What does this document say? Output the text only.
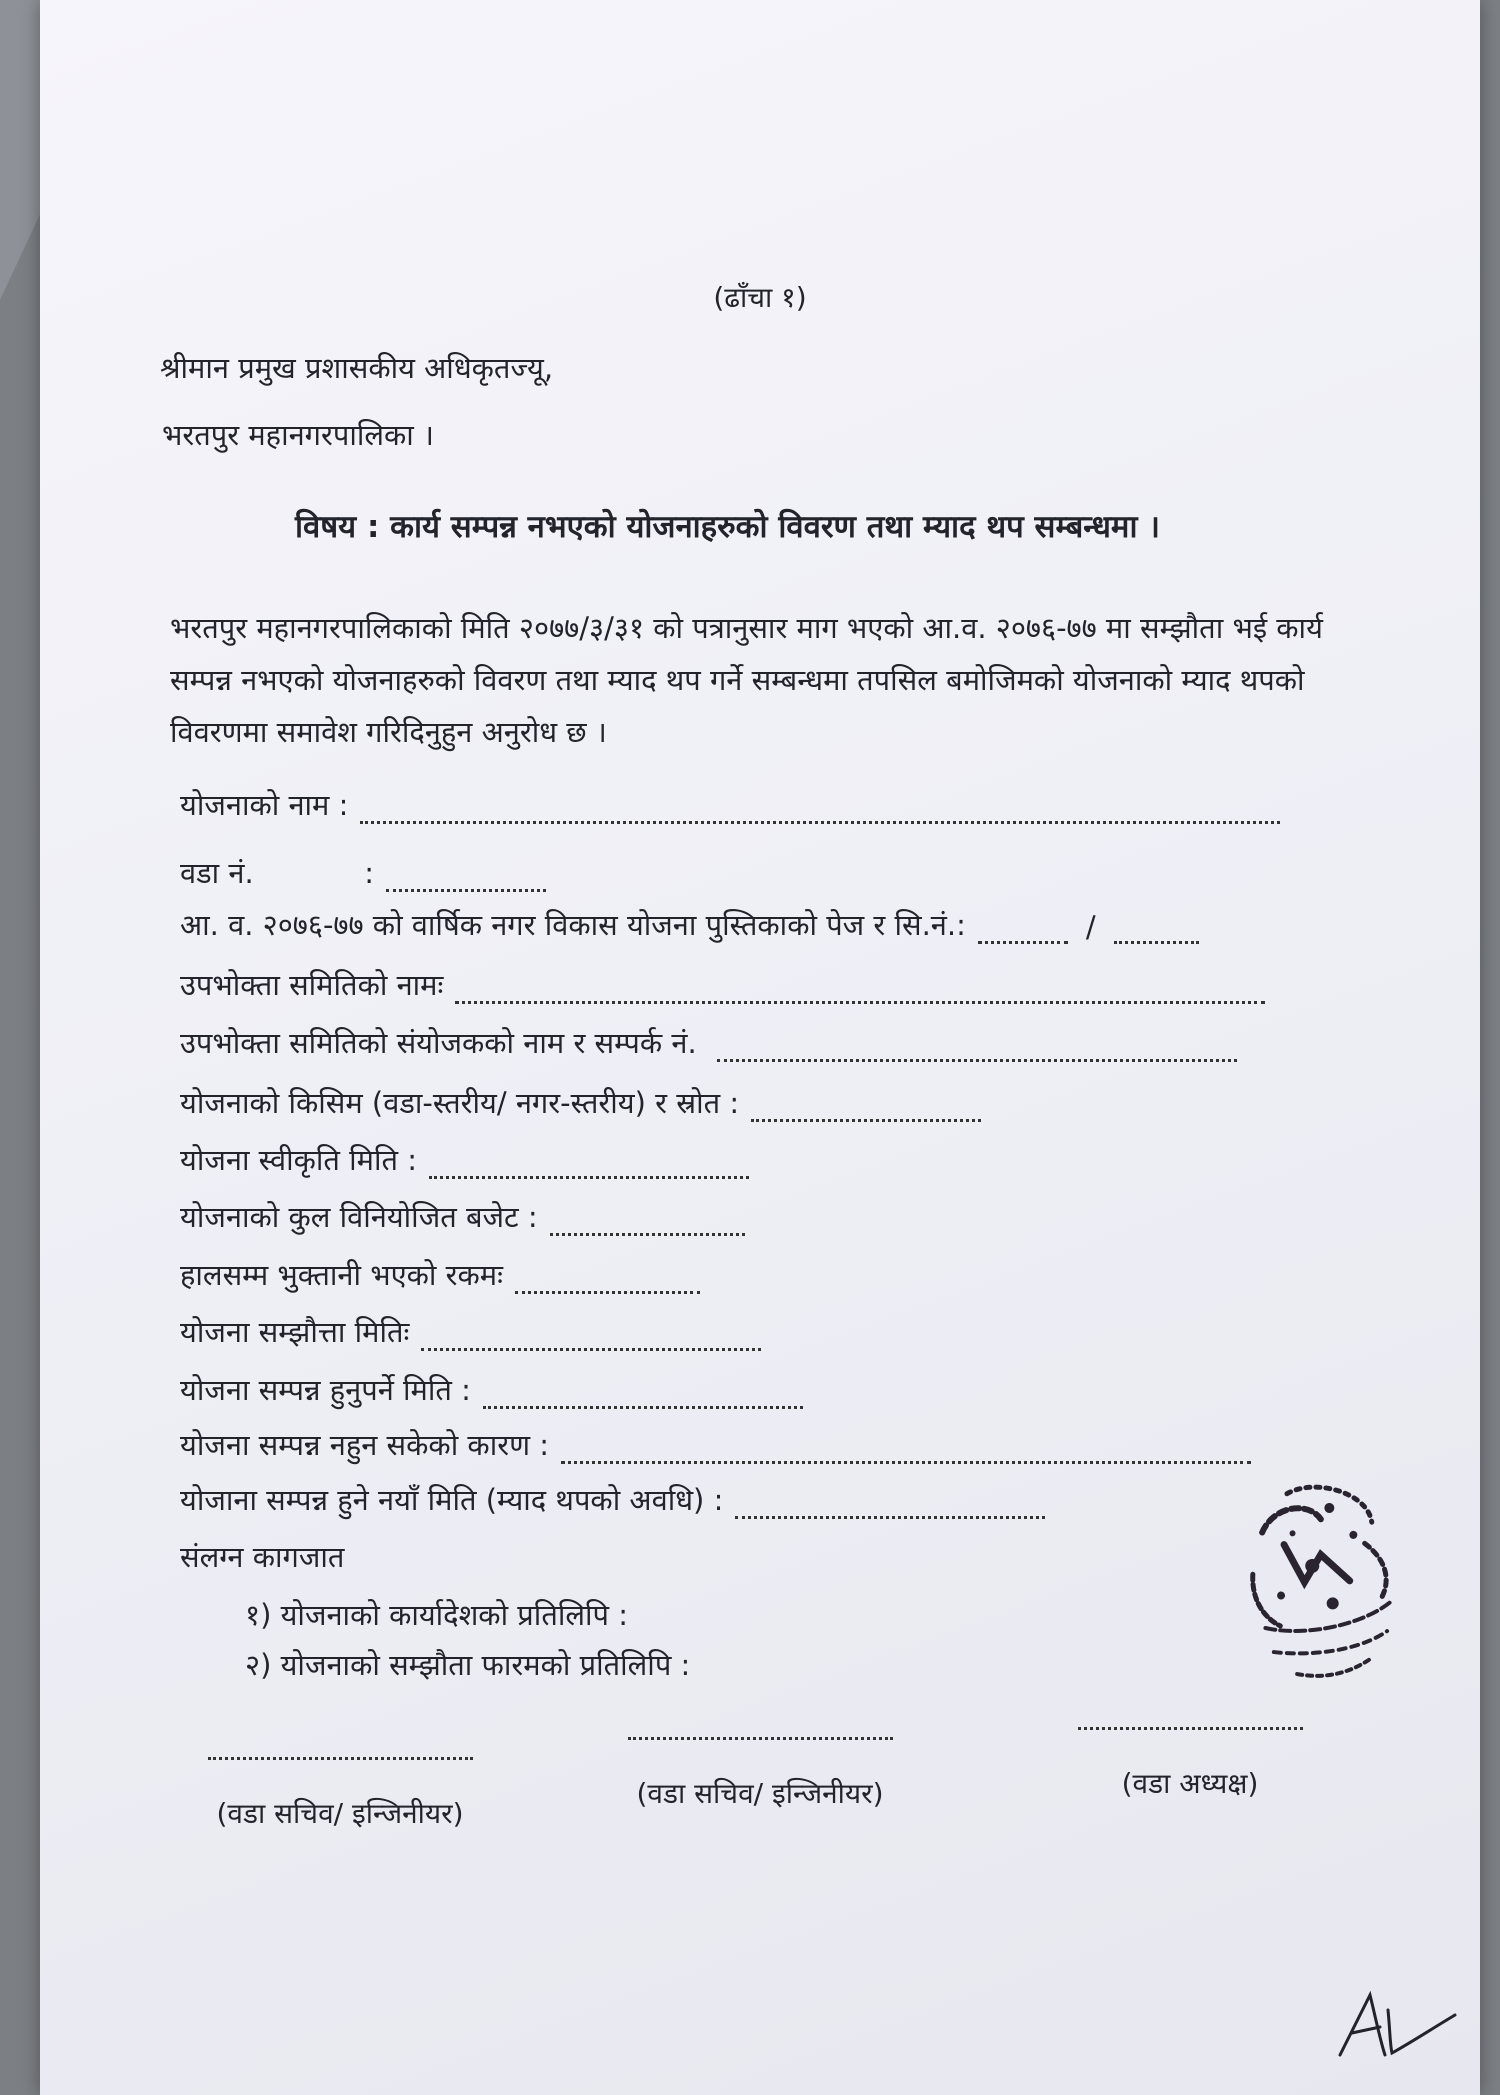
(ढाँचा १)
श्रीमान प्रमुख प्रशासकीय अधिकृतज्यू,
भरतपुर महानगरपालिका ।
विषय : कार्य सम्पन्न नभएको योजनाहरुको विवरण तथा म्याद थप सम्बन्धमा ।
भरतपुर महानगरपालिकाको मिति २०७७/३/३१ को पत्रानुसार माग भएको आ.व. २०७६-७७ मा सम्झौता भई कार्य सम्पन्न नभएको योजनाहरुको विवरण तथा म्याद थप गर्ने सम्बन्धमा तपसिल बमोजिमको योजनाको म्याद थपको विवरणमा समावेश गरिदिनुहुन अनुरोध छ ।
योजनाको नाम :
वडा नं.            :
आ. व. २०७६-७७ को वार्षिक नगर विकास योजना पुस्तिकाको पेज र सि.नं.:	/
उपभोक्ता समितिको नामः
उपभोक्ता समितिको संयोजकको नाम र सम्पर्क नं.
योजनाको किसिम (वडा-स्तरीय/ नगर-स्तरीय) र स्रोत :
योजना स्वीकृति मिति :
योजनाको कुल विनियोजित बजेट :
हालसम्म भुक्तानी भएको रकमः
योजना सम्झौत्ता मितिः
योजना सम्पन्न हुनुपर्ने मिति :
योजना सम्पन्न नहुन सकेको कारण :
योजाना सम्पन्न हुने नयाँ मिति (म्याद थपको अवधि) :
संलग्न कागजात
१) योजनाको कार्यादेशको प्रतिलिपि :
२) योजनाको सम्झौता फारमको प्रतिलिपि :
(वडा सचिव/ इन्जिनीयर)
(वडा सचिव/ इन्जिनीयर)	(वडा अध्यक्ष)
